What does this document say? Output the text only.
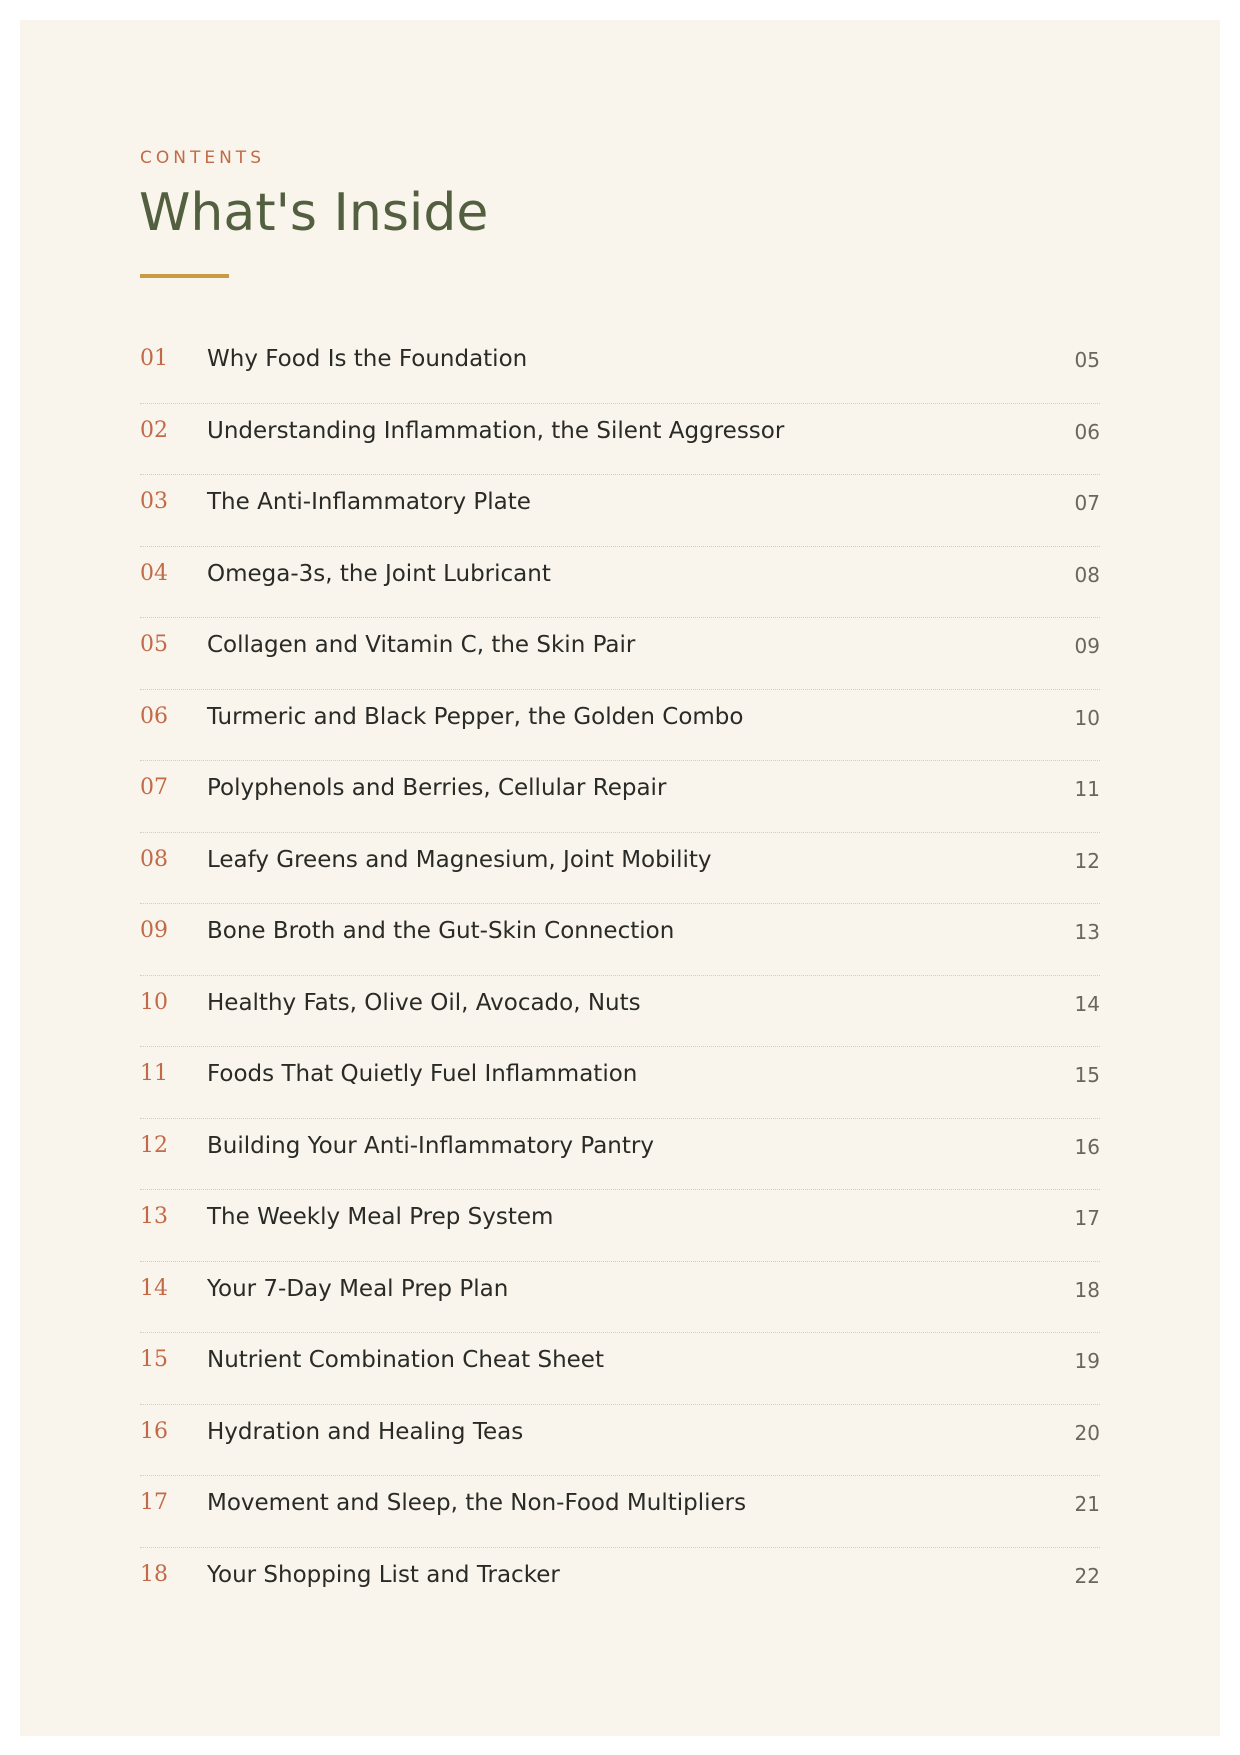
CONTENTS
What's Inside
01 Why Food Is the Foundation	05
02 Understanding Inflammation, the Silent Aggressor	06
03 The Anti-Inflammatory Plate	07
04 Omega-3s, the Joint Lubricant	08
05 Collagen and Vitamin C, the Skin Pair	09
06 Turmeric and Black Pepper, the Golden Combo	10
07 Polyphenols and Berries, Cellular Repair	11
08 Leafy Greens and Magnesium, Joint Mobility	12
09 Bone Broth and the Gut-Skin Connection	13
10 Healthy Fats, Olive Oil, Avocado, Nuts	14
11 Foods That Quietly Fuel Inflammation	15
12 Building Your Anti-Inflammatory Pantry	16
13 The Weekly Meal Prep System	17
14 Your 7-Day Meal Prep Plan	18
15 Nutrient Combination Cheat Sheet	19
16 Hydration and Healing Teas	20
17 Movement and Sleep, the Non-Food Multipliers	21
18 Your Shopping List and Tracker	22
